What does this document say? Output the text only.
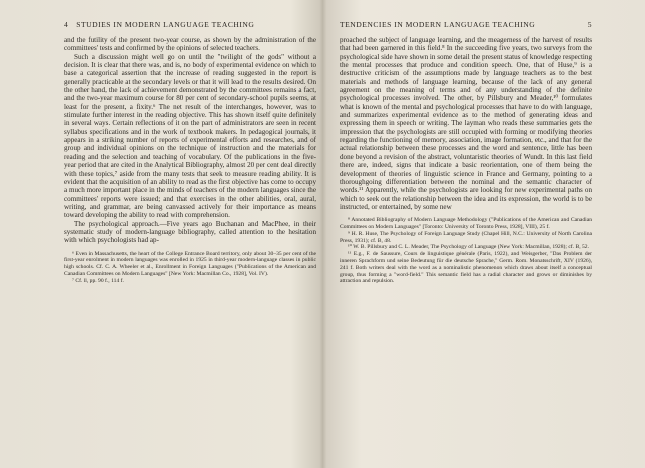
4 STUDIES IN MODERN LANGUAGE TEACHING

and the futility of the present two-year course, as shown by the administration of the committees' tests and confirmed by the opinions of selected teachers.

Such a discussion might well go on until the "twilight of the gods" without a decision. It is clear that there was, and is, no body of experimental evidence on which to base a categorical assertion that the increase of reading suggested in the report is generally practicable at the secondary levels or that it will lead to the results desired. On the other hand, the lack of achievement demonstrated by the committees remains a fact, and the two-year maximum course for 80 per cent of secondary-school pupils seems, at least for the present, a fixity.⁶ The net result of the interchanges, however, was to stimulate further interest in the reading objective. This has shown itself quite definitely in several ways. Certain reflections of it on the part of administrators are seen in recent syllabus specifications and in the work of textbook makers. In pedagogical journals, it appears in a striking number of reports of experimental efforts and researches, and of group and individual opinions on the technique of instruction and the materials for reading and the selection and teaching of vocabulary. Of the publications in the five-year period that are cited in the Analytical Bibliography, almost 20 per cent deal directly with these topics,⁷ aside from the many tests that seek to measure reading ability. It is evident that the acquisition of an ability to read as the first objective has come to occupy a much more important place in the minds of teachers of the modern languages since the committees' reports were issued; and that exercises in the other abilities, oral, aural, writing, and grammar, are being canvassed actively for their importance as means toward developing the ability to read with comprehension.

The psychological approach.—Five years ago Buchanan and MacPhee, in their systematic study of modern-language bibliography, called attention to the hesitation with which psychologists had ap-

⁶ Even in Massachusetts, the heart of the College Entrance Board territory, only about 30–35 per cent of the first-year enrolment in modern languages was enrolled in 1925 in third-year modern-language classes in public high schools. Cf. C. A. Wheeler et al., Enrollment in Foreign Languages ("Publications of the American and Canadian Committees on Modern Languages" [New York: Macmillan Co., 1928], Vol. IV).

⁷ Cf. ll, pp. 90 f., 114 f.

TENDENCIES IN MODERN LANGUAGE TEACHING	5

proached the subject of language learning, and the meagerness of the harvest of results that had been garnered in this field.⁸ In the succeeding five years, two surveys from the psychological side have shown in some detail the present status of knowledge respecting the mental processes that produce and condition speech. One, that of Huse,⁹ is a destructive criticism of the assumptions made by language teachers as to the best materials and methods of language learning, because of the lack of any general agreement on the meaning of terms and of any understanding of the definite psychological processes involved. The other, by Pillsbury and Meader,¹⁰ formulates what is known of the mental and psychological processes that have to do with language, and summarizes experimental evidence as to the method of generating ideas and expressing them in speech or writing. The layman who reads these summaries gets the impression that the psychologists are still occupied with forming or modifying theories regarding the functioning of memory, association, image formation, etc., and that for the actual relationship between these processes and the word and sentence, little has been done beyond a revision of the abstract, voluntaristic theories of Wundt. In this last field there are, indeed, signs that indicate a basic reorientation, one of them being the development of theories of linguistic science in France and Germany, pointing to a thoroughgoing differentiation between the nominal and the semantic character of words.¹¹ Apparently, while the psychologists are looking for new experimental paths on which to seek out the relationship between the idea and its expression, the world is to be instructed, or entertained, by some new

⁸ Annotated Bibliography of Modern Language Methodology ("Publications of the American and Canadian Committees on Modern Languages" [Toronto: University of Toronto Press, 1928], VIII), 25 f.

⁹ H. R. Huse, The Psychology of Foreign Language Study (Chapel Hill, N.C.: University of North Carolina Press, 1931); cf. B, 48.

¹⁰ W. B. Pillsbury and C. L. Meader, The Psychology of Language (New York: Macmillan, 1928); cf. B, 52.

¹¹ E.g., F. de Saussure, Cours de linguistique générale (Paris, 1922), and Weisgerber, "Das Problem der inneren Sprachform und seine Bedeutung für die deutsche Sprache," Germ. Rom. Monatsschrift, XIV (1926), 241 f. Both writers deal with the word as a nominalistic phenomenon which draws about itself a conceptual group, thus forming a "word-field." This semantic field has a radial character and grows or diminishes by attraction and repulsion.
